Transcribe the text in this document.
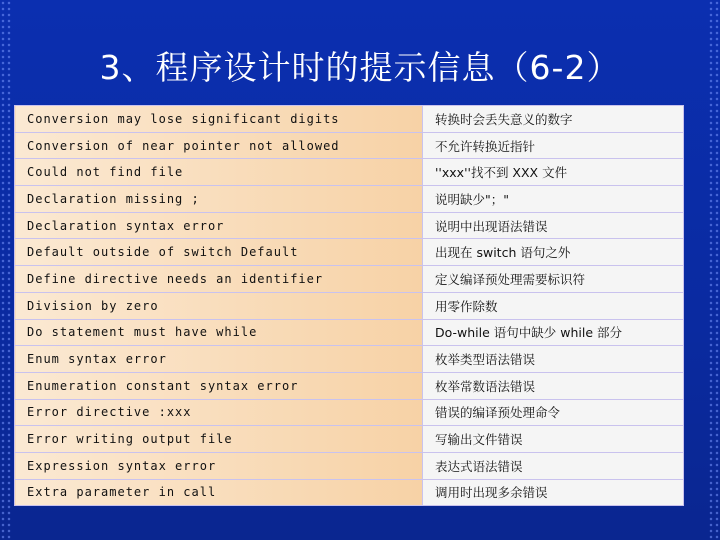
3、程序设计时的提示信息（6-2）
Conversion may lose significant digits	转换时会丢失意义的数字
Conversion of near pointer not allowed	不允许转换近指针
Could not find file	''xxx''找不到 XXX 文件
Declaration missing ;	说明缺少"；"
Declaration syntax error	说明中出现语法错误
Default outside of switch Default	出现在 switch 语句之外
Define directive needs an identifier	定义编译预处理需要标识符
Division by zero	用零作除数
Do statement must have while	Do-while 语句中缺少 while 部分
Enum syntax error	枚举类型语法错误
Enumeration constant syntax error	枚举常数语法错误
Error directive :xxx	错误的编译预处理命令
Error writing output file	写输出文件错误
Expression syntax error	表达式语法错误
Extra parameter in call	调用时出现多余错误
